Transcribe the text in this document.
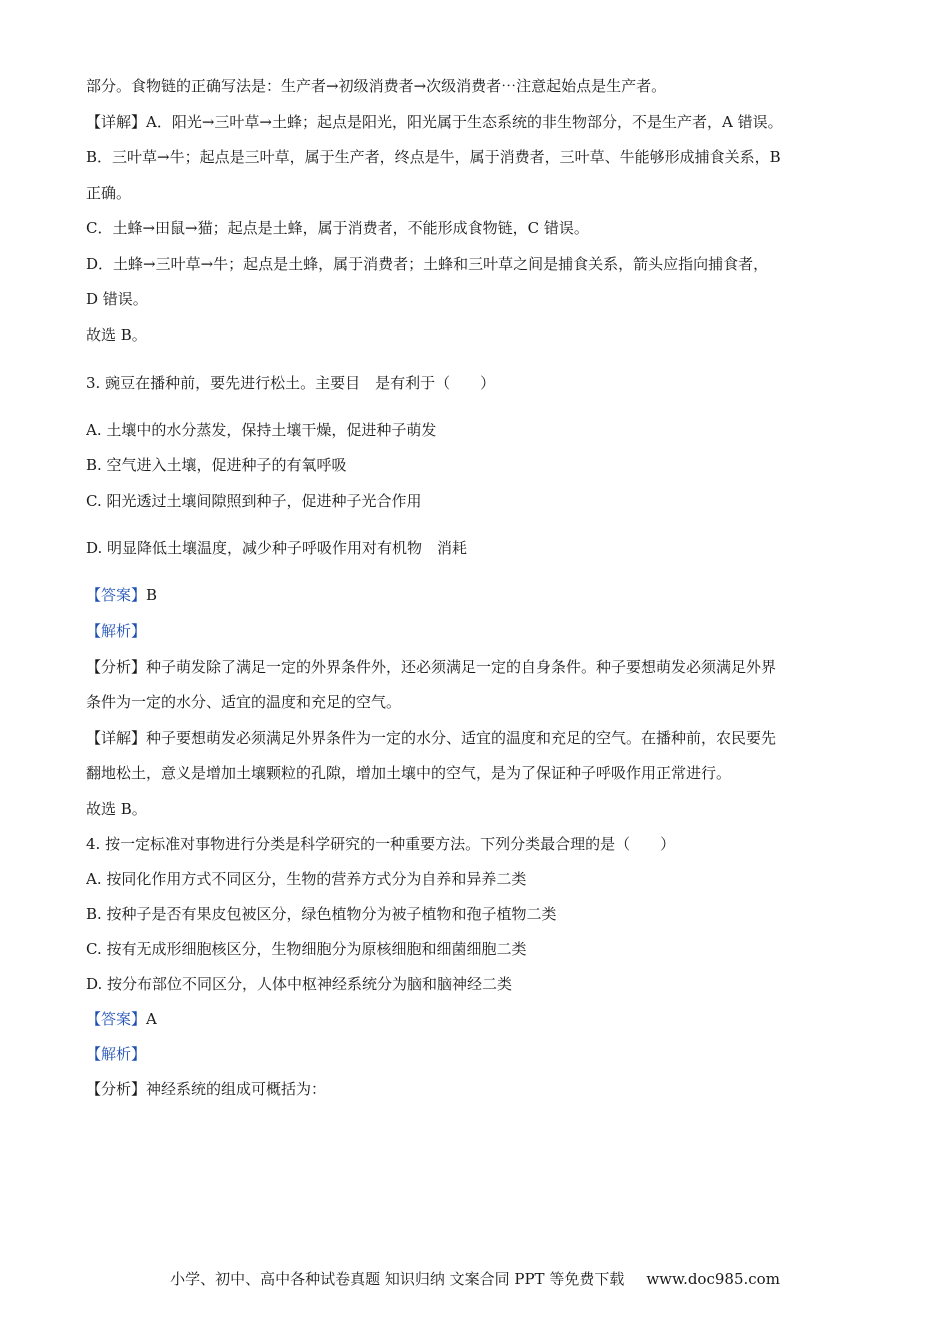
部分。食物链的正确写法是：生产者→初级消费者→次级消费者⋯注意起始点是生产者。
【详解】A．阳光→三叶草→土蜂；起点是阳光，阳光属于生态系统的非生物部分，不是生产者，A 错误。
B．三叶草→牛；起点是三叶草，属于生产者，终点是牛，属于消费者，三叶草、牛能够形成捕食关系，B
正确。
C．土蜂→田鼠→猫；起点是土蜂，属于消费者，不能形成食物链，C 错误。
D．土蜂→三叶草→牛；起点是土蜂，属于消费者；土蜂和三叶草之间是捕食关系，箭头应指向捕食者，
D 错误。
故选 B。
3. 豌豆在播种前，要先进行松土。主要目　是有利于（　　）
A. 土壤中的水分蒸发，保持土壤干燥，促进种子萌发
B. 空气进入土壤，促进种子的有氧呼吸
C. 阳光透过土壤间隙照到种子，促进种子光合作用
D. 明显降低土壤温度，减少种子呼吸作用对有机物　消耗
【答案】B
【解析】
【分析】种子萌发除了满足一定的外界条件外，还必须满足一定的自身条件。种子要想萌发必须满足外界
条件为一定的水分、适宜的温度和充足的空气。
【详解】种子要想萌发必须满足外界条件为一定的水分、适宜的温度和充足的空气。在播种前，农民要先
翻地松土，意义是增加土壤颗粒的孔隙，增加土壤中的空气，是为了保证种子呼吸作用正常进行。
故选 B。
4. 按一定标准对事物进行分类是科学研究的一种重要方法。下列分类最合理的是（　　）
A. 按同化作用方式不同区分，生物的营养方式分为自养和异养二类
B. 按种子是否有果皮包被区分，绿色植物分为被子植物和孢子植物二类
C. 按有无成形细胞核区分，生物细胞分为原核细胞和细菌细胞二类
D. 按分布部位不同区分，人体中枢神经系统分为脑和脑神经二类
【答案】A
【解析】
【分析】神经系统的组成可概括为：
小学、初中、高中各种试卷真题 知识归纳 文案合同 PPT 等免费下载 www.doc985.com
